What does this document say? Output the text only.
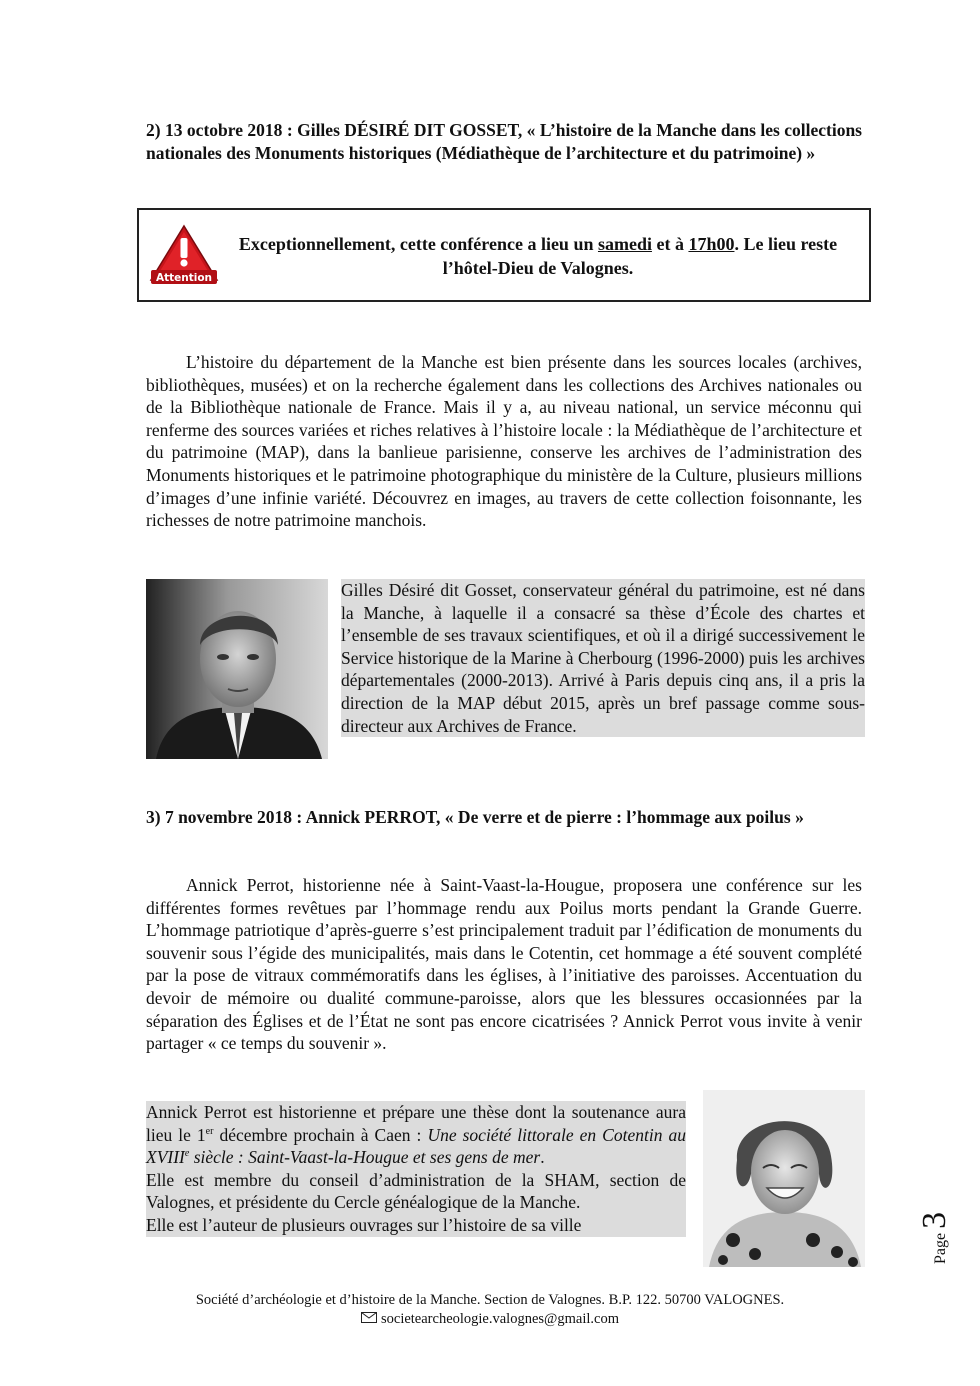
2) 13 octobre 2018 : Gilles DÉSIRÉ DIT GOSSET, « L’histoire de la Manche dans les collections nationales des Monuments historiques (Médiathèque de l’architecture et du patrimoine) »
Attention
Exceptionnellement, cette conférence a lieu un samedi et à 17h00. Le lieu reste l’hôtel-Dieu de Valognes.
L’histoire du département de la Manche est bien présente dans les sources locales (archives, bibliothèques, musées) et on la recherche également dans les collections des Archives nationales ou de la Bibliothèque nationale de France. Mais il y a, au niveau national, un service méconnu qui renferme des sources variées et riches relatives à l’histoire locale : la Médiathèque de l’architecture et du patrimoine (MAP), dans la banlieue parisienne, conserve les archives de l’administration des Monuments historiques et le patrimoine photographique du ministère de la Culture, plusieurs millions d’images d’une infinie variété. Découvrez en images, au travers de cette collection foisonnante, les richesses de notre patrimoine manchois.
Gilles Désiré dit Gosset, conservateur général du patrimoine, est né dans la Manche, à laquelle il a consacré sa thèse d’École des chartes et l’ensemble de ses travaux scientifiques, et où il a dirigé successivement le Service historique de la Marine à Cherbourg (1996-2000) puis les archives départementales (2000-2013). Arrivé à Paris depuis cinq ans, il a pris la direction de la MAP début 2015, après un bref passage comme sous-directeur aux Archives de France.
3) 7 novembre 2018 : Annick PERROT, « De verre et de pierre : l’hommage aux poilus »
Annick Perrot, historienne née à Saint-Vaast-la-Hougue, proposera une conférence sur les différentes formes revêtues par l’hommage rendu aux Poilus morts pendant la Grande Guerre. L’hommage patriotique d’après-guerre s’est principalement traduit par l’édification de monuments du souvenir sous l’égide des municipalités, mais dans le Cotentin, cet hommage a été souvent complété par la pose de vitraux commémoratifs dans les églises, à l’initiative des paroisses. Accentuation du devoir de mémoire ou dualité commune-paroisse, alors que les blessures occasionnées par la séparation des Églises et de l’État ne sont pas encore cicatrisées ? Annick Perrot vous invite à venir partager « ce temps du souvenir ».
Annick Perrot est historienne et prépare une thèse dont la soutenance aura lieu le 1er décembre prochain à Caen : Une société littorale en Cotentin au XVIIIe siècle : Saint-Vaast-la-Hougue et ses gens de mer.
Elle est membre du conseil d’administration de la SHAM, section de Valognes, et présidente du Cercle généalogique de la Manche.
Elle est l’auteur de plusieurs ouvrages sur l’histoire de sa ville
Page 3
Société d’archéologie et d’histoire de la Manche. Section de Valognes. B.P. 122. 50700 VALOGNES.
societearcheologie.valognes@gmail.com
